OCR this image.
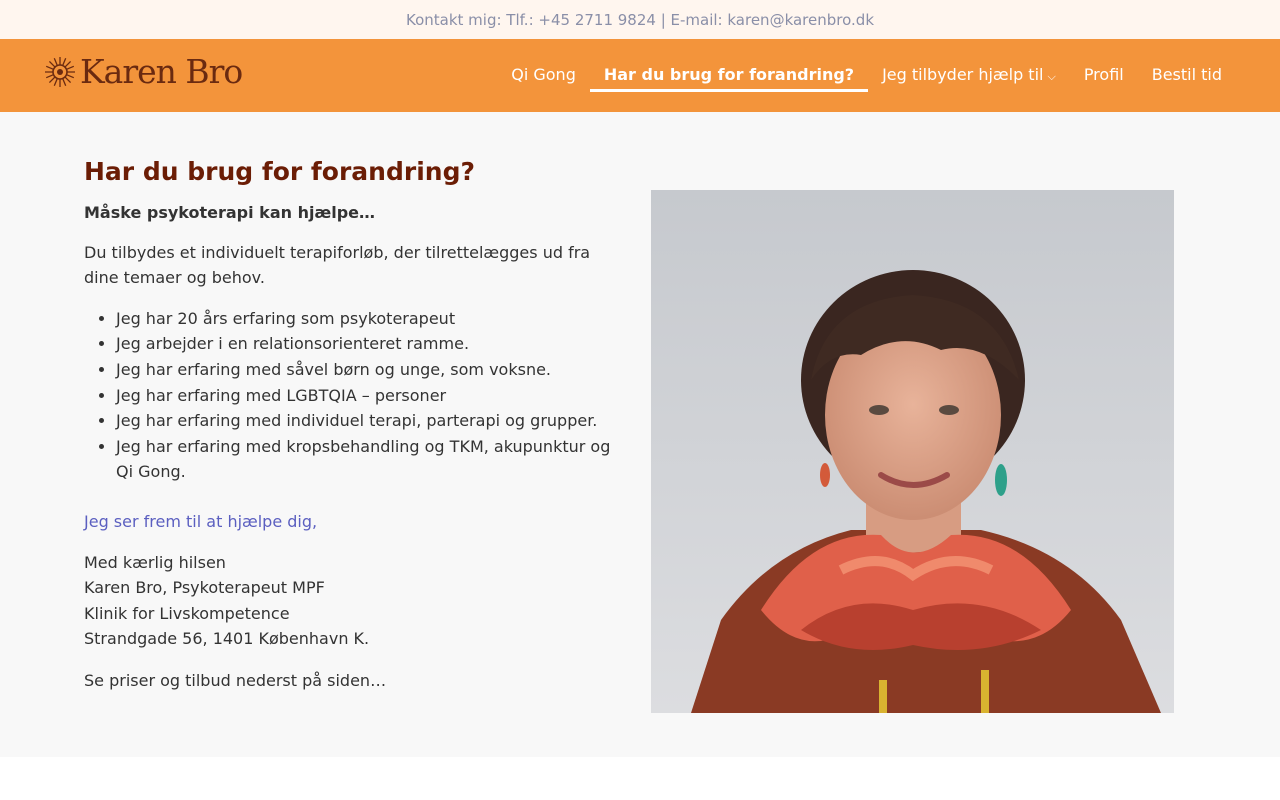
Kontakt mig: Tlf.: +45 2711 9824 | E-mail: karen@karenbro.dk
Karen Bro	Qi Gong	Har du brug for forandring?	Jeg tilbyder hjælp til ⌵	Profil	Bestil tid
Har du brug for forandring?

Måske psykoterapi kan hjælpe…

Du tilbydes et individuelt terapiforløb, der tilrettelægges ud fra dine temaer og behov.

• Jeg har 20 års erfaring som psykoterapeut
• Jeg arbejder i en relationsorienteret ramme.
• Jeg har erfaring med såvel børn og unge, som voksne.
• Jeg har erfaring med LGBTQIA – personer
• Jeg har erfaring med individuel terapi, parterapi og grupper.
• Jeg har erfaring med kropsbehandling og TKM, akupunktur og Qi Gong.

Jeg ser frem til at hjælpe dig,

Med kærlig hilsen
Karen Bro, Psykoterapeut MPF
Klinik for Livskompetence
Strandgade 56, 1401 København K.

Se priser og tilbud nederst på siden…
